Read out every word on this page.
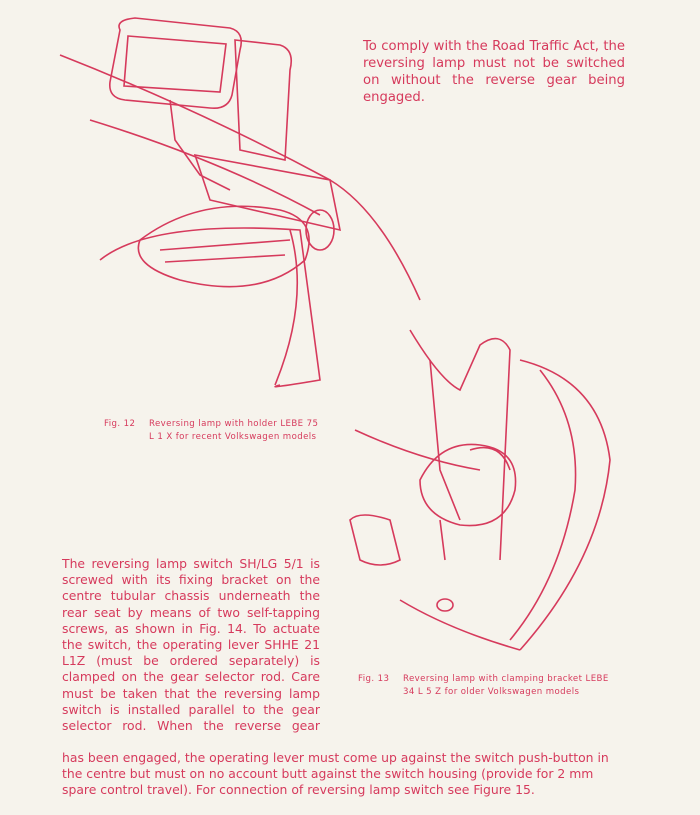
To comply with the Road Traffic Act, the reversing lamp must not be switched on without the reverse gear being engaged.
Fig. 12 Reversing lamp with holder LEBE 75 L 1 X for recent Volkswagen models
Fig. 13 Reversing lamp with clamping bracket LEBE 34 L 5 Z for older Volkswagen models
The reversing lamp switch SH/LG 5/1 is screwed with its fixing bracket on the centre tubular chassis underneath the rear seat by means of two self-tapping screws, as shown in Fig. 14. To actuate the switch, the operating lever SHHE 21 L1Z (must be ordered separately) is clamped on the gear selector rod. Care must be taken that the reversing lamp switch is installed parallel to the gear selector rod. When the reverse gear
has been engaged, the operating lever must come up against the switch push-button in the centre but must on no account butt against the switch housing (provide for 2 mm spare control travel). For connection of reversing lamp switch see Figure 15.
